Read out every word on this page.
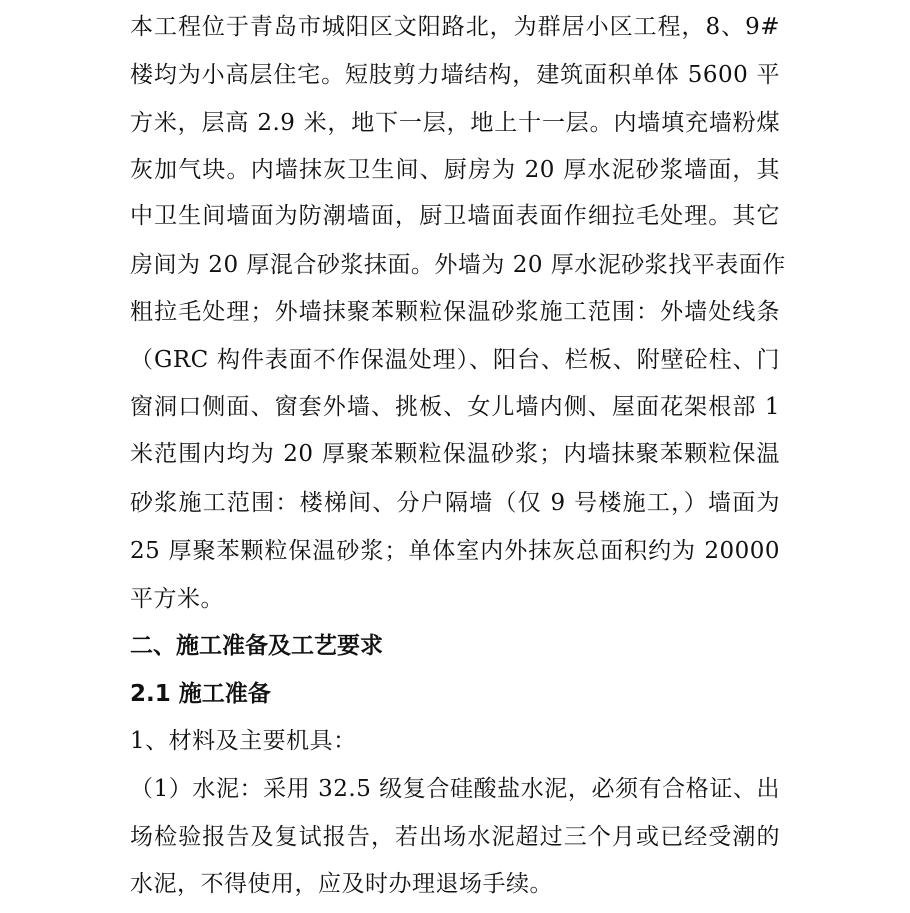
本工程位于青岛市城阳区文阳路北，为群居小区工程，8、9#
楼均为小高层住宅。短肢剪力墙结构，建筑面积单体 5600 平
方米，层高 2.9 米，地下一层，地上十一层。内墙填充墙粉煤
灰加气块。内墙抹灰卫生间、厨房为 20 厚水泥砂浆墙面，其
中卫生间墙面为防潮墙面，厨卫墙面表面作细拉毛处理。其它
房间为 20 厚混合砂浆抹面。外墙为 20 厚水泥砂浆找平表面作
粗拉毛处理；外墙抹聚苯颗粒保温砂浆施工范围：外墙处线条
（GRC 构件表面不作保温处理）、阳台、栏板、附壁砼柱、门
窗洞口侧面、窗套外墙、挑板、女儿墙内侧、屋面花架根部 1
米范围内均为 20 厚聚苯颗粒保温砂浆；内墙抹聚苯颗粒保温
砂浆施工范围：楼梯间、分户隔墙（仅 9 号楼施工，）墙面为
25 厚聚苯颗粒保温砂浆；单体室内外抹灰总面积约为 20000
平方米。
二、施工准备及工艺要求
2.1 施工准备
1、材料及主要机具：
（1）水泥：采用 32.5 级复合硅酸盐水泥，必须有合格证、出
场检验报告及复试报告，若出场水泥超过三个月或已经受潮的
水泥，不得使用，应及时办理退场手续。
